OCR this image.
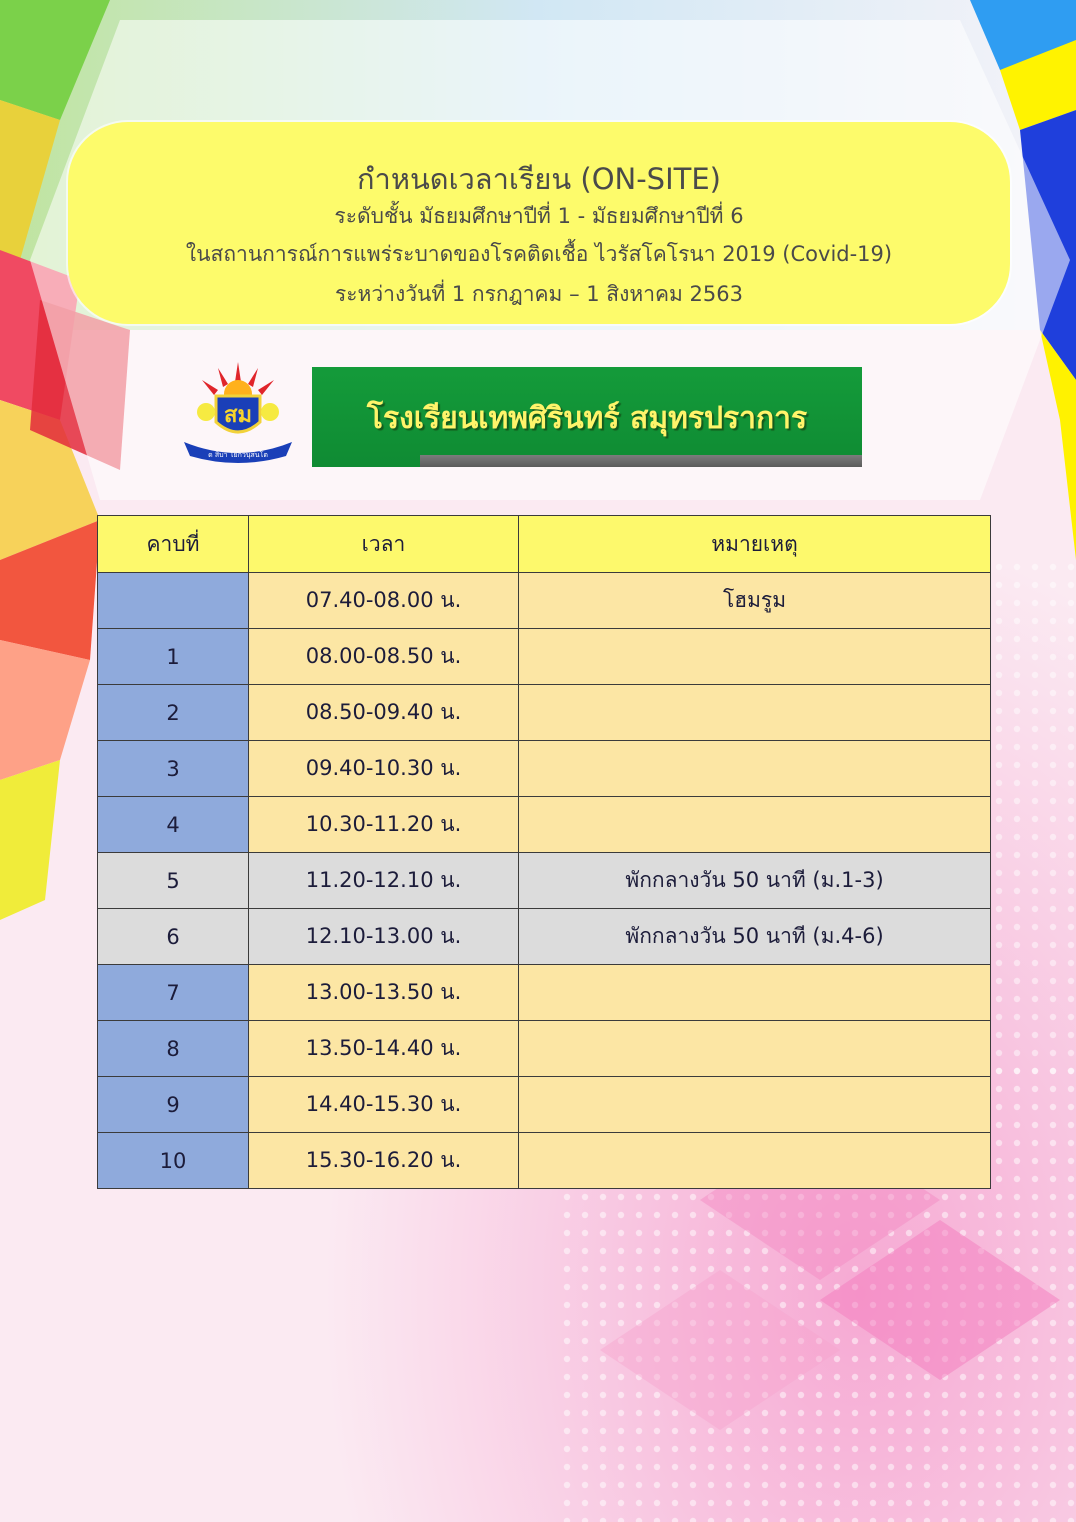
กำหนดเวลาเรียน (ON-SITE)
ระดับชั้น มัธยมศึกษาปีที่ 1 - มัธยมศึกษาปีที่ 6
ในสถานการณ์การแพร่ระบาดของโรคติดเชื้อ ไวรัสโคโรนา 2019 (Covid-19)
ระหว่างวันที่ 1 กรกฎาคม – 1 สิงหาคม 2563
สม
ด สิบา โยกวนุสนโต
โรงเรียนเทพศิรินทร์ สมุทรปราการ
คาบที่	เวลา	หมายเหตุ
	07.40-08.00 น.	โฮมรูม
1	08.00-08.50 น.	
2	08.50-09.40 น.	
3	09.40-10.30 น.	
4	10.30-11.20 น.	
5	11.20-12.10 น.	พักกลางวัน 50 นาที (ม.1-3)
6	12.10-13.00 น.	พักกลางวัน 50 นาที (ม.4-6)
7	13.00-13.50 น.	
8	13.50-14.40 น.	
9	14.40-15.30 น.	
10	15.30-16.20 น.	
